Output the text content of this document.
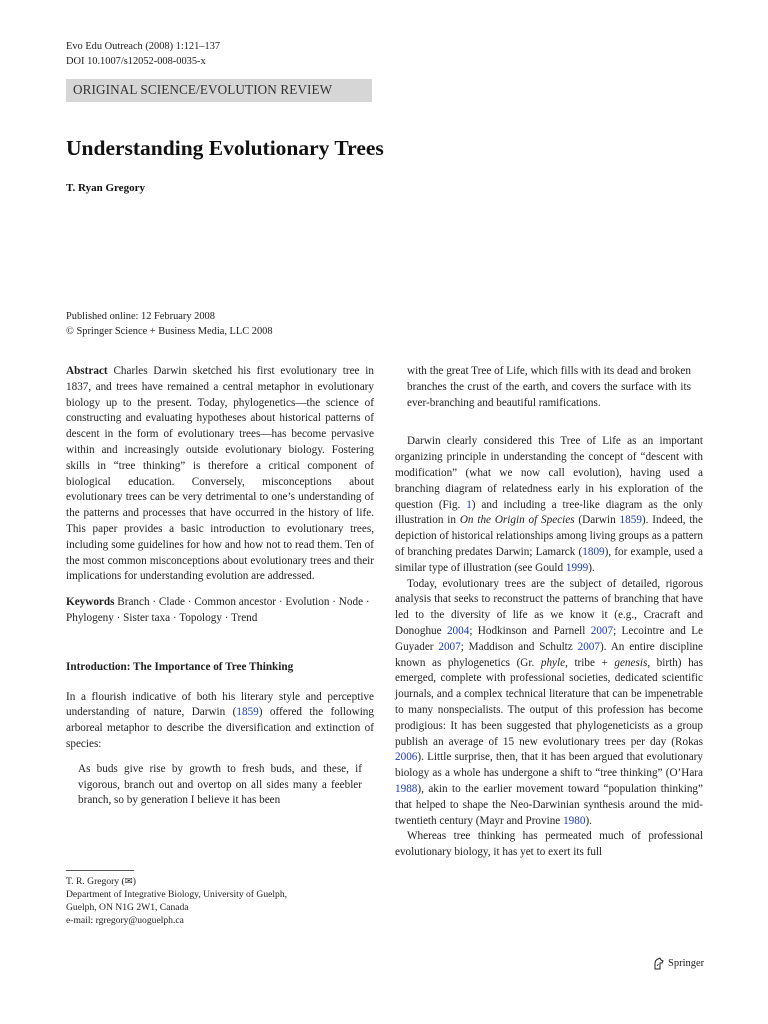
Evo Edu Outreach (2008) 1:121–137
DOI 10.1007/s12052-008-0035-x
ORIGINAL SCIENCE/EVOLUTION REVIEW
Understanding Evolutionary Trees
T. Ryan Gregory
Published online: 12 February 2008
© Springer Science + Business Media, LLC 2008

Abstract Charles Darwin sketched his first evolutionary tree in 1837, and trees have remained a central metaphor in evolutionary biology up to the present. Today, phylogenetics—the science of constructing and evaluating hypotheses about historical patterns of descent in the form of evolutionary trees—has become pervasive within and increasingly outside evolutionary biology. Fostering skills in “tree thinking” is therefore a critical component of biological education. Conversely, misconceptions about evolutionary trees can be very detrimental to one’s understanding of the patterns and processes that have occurred in the history of life. This paper provides a basic introduction to evolutionary trees, including some guidelines for how and how not to read them. Ten of the most common misconceptions about evolutionary trees and their implications for understanding evolution are addressed.

Keywords Branch · Clade · Common ancestor · Evolution · Node · Phylogeny · Sister taxa · Topology · Trend

Introduction: The Importance of Tree Thinking

In a flourish indicative of both his literary style and perceptive understanding of nature, Darwin (1859) offered the following arboreal metaphor to describe the diversification and extinction of species:

As buds give rise by growth to fresh buds, and these, if vigorous, branch out and overtop on all sides many a feebler branch, so by generation I believe it has been

with the great Tree of Life, which fills with its dead and broken branches the crust of the earth, and covers the surface with its ever-branching and beautiful ramifications.

Darwin clearly considered this Tree of Life as an important organizing principle in understanding the concept of “descent with modification” (what we now call evolution), having used a branching diagram of relatedness early in his exploration of the question (Fig. 1) and including a tree-like diagram as the only illustration in On the Origin of Species (Darwin 1859). Indeed, the depiction of historical relationships among living groups as a pattern of branching predates Darwin; Lamarck (1809), for example, used a similar type of illustration (see Gould 1999).

Today, evolutionary trees are the subject of detailed, rigorous analysis that seeks to reconstruct the patterns of branching that have led to the diversity of life as we know it (e.g., Cracraft and Donoghue 2004; Hodkinson and Parnell 2007; Lecointre and Le Guyader 2007; Maddison and Schultz 2007). An entire discipline known as phylogenetics (Gr. phyle, tribe + genesis, birth) has emerged, complete with professional societies, dedicated scientific journals, and a complex technical literature that can be impenetrable to many nonspecialists. The output of this profession has become prodigious: It has been suggested that phylogeneticists as a group publish an average of 15 new evolutionary trees per day (Rokas 2006). Little surprise, then, that it has been argued that evolutionary biology as a whole has undergone a shift to “tree thinking” (O’Hara 1988), akin to the earlier movement toward “population thinking” that helped to shape the Neo-Darwinian synthesis around the mid-twentieth century (Mayr and Provine 1980).

Whereas tree thinking has permeated much of professional evolutionary biology, it has yet to exert its full

T. R. Gregory (✉)
Department of Integrative Biology, University of Guelph,
Guelph, ON N1G 2W1, Canada
e-mail: rgregory@uoguelph.ca
Springer
